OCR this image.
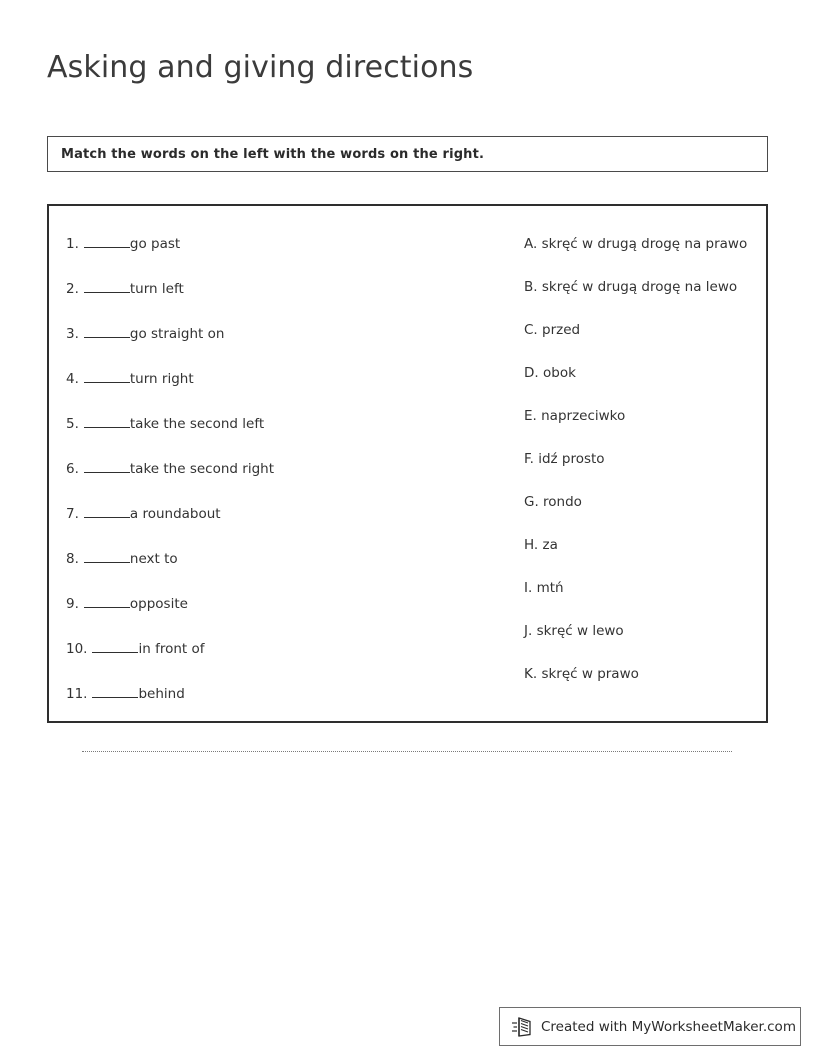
Asking and giving directions
Match the words on the left with the words on the right.
1.	go past
2.	turn left
3.	go straight on
4.	turn right
5.	take the second left
6.	take the second right
7.	a roundabout
8.	next to
9.	opposite
10.	in front of
11.	behind
A. skręć w drugą drogę na prawo
B. skręć w drugą drogę na lewo
C. przed
D. obok
E. naprzeciwko
F. idź prosto
G. rondo
H. za
I. mtń
J. skręć w lewo
K. skręć w prawo
Created with MyWorksheetMaker.com
